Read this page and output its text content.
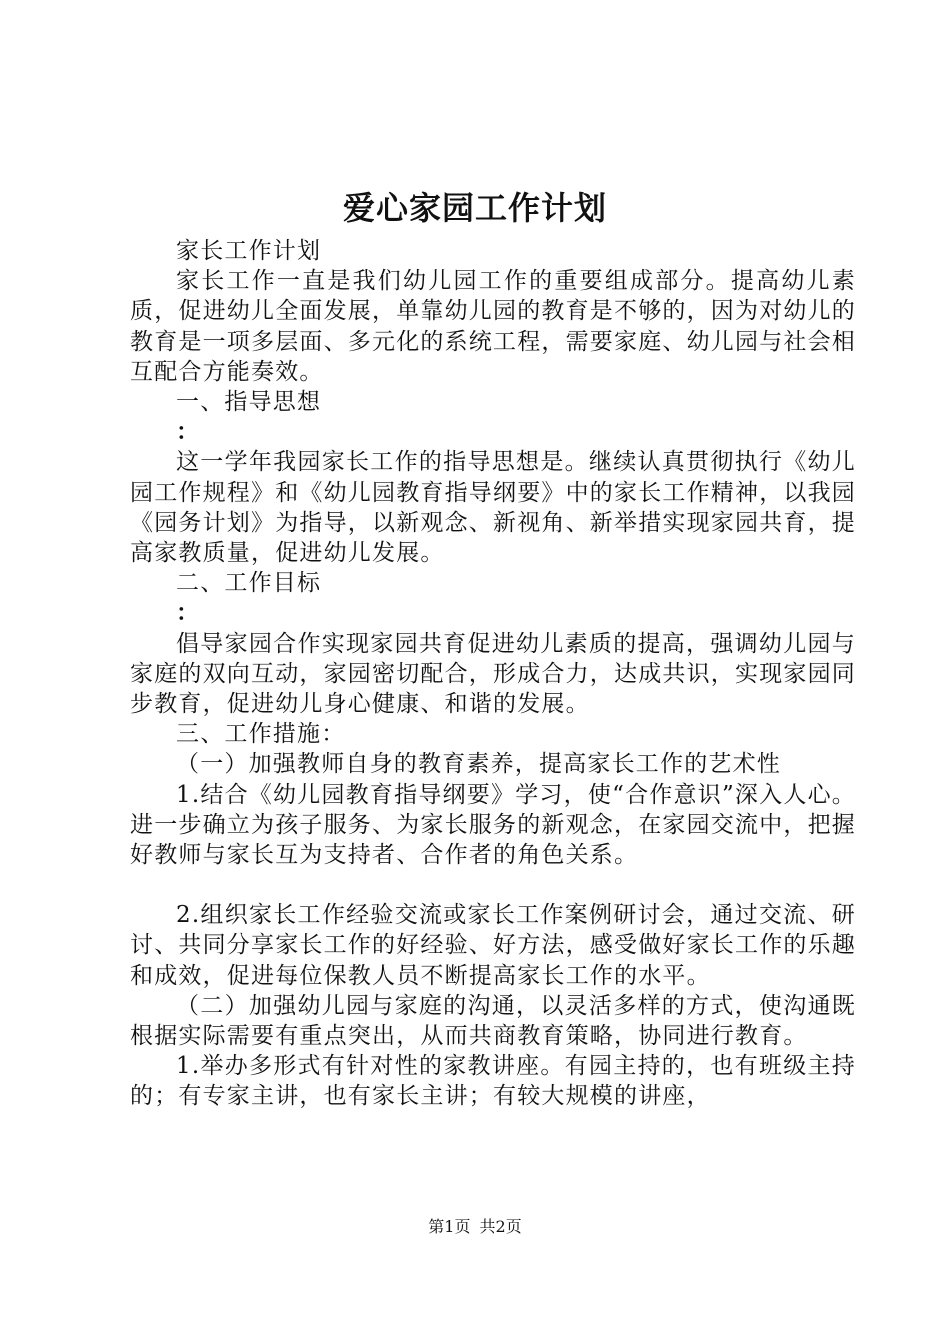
爱心家园工作计划

家长工作计划

家长工作一直是我们幼儿园工作的重要组成部分。提高幼儿素质，促进幼儿全面发展，单靠幼儿园的教育是不够的，因为对幼儿的教育是一项多层面、多元化的系统工程，需要家庭、幼儿园与社会相互配合方能奏效。

一、指导思想

：

这一学年我园家长工作的指导思想是。继续认真贯彻执行《幼儿园工作规程》和《幼儿园教育指导纲要》中的家长工作精神，以我园《园务计划》为指导，以新观念、新视角、新举措实现家园共育，提高家教质量，促进幼儿发展。

二、工作目标

：

倡导家园合作实现家园共育促进幼儿素质的提高，强调幼儿园与家庭的双向互动，家园密切配合，形成合力，达成共识，实现家园同步教育，促进幼儿身心健康、和谐的发展。

三、工作措施：

（一）加强教师自身的教育素养，提高家长工作的艺术性

1.结合《幼儿园教育指导纲要》学习，使“合作意识”深入人心。进一步确立为孩子服务、为家长服务的新观念，在家园交流中，把握好教师与家长互为支持者、合作者的角色关系。

2.组织家长工作经验交流或家长工作案例研讨会，通过交流、研讨、共同分享家长工作的好经验、好方法，感受做好家长工作的乐趣和成效，促进每位保教人员不断提高家长工作的水平。

（二）加强幼儿园与家庭的沟通，以灵活多样的方式，使沟通既根据实际需要有重点突出，从而共商教育策略，协同进行教育。

1.举办多形式有针对性的家教讲座。有园主持的，也有班级主持的；有专家主讲，也有家长主讲；有较大规模的讲座，

第1页 共2页
